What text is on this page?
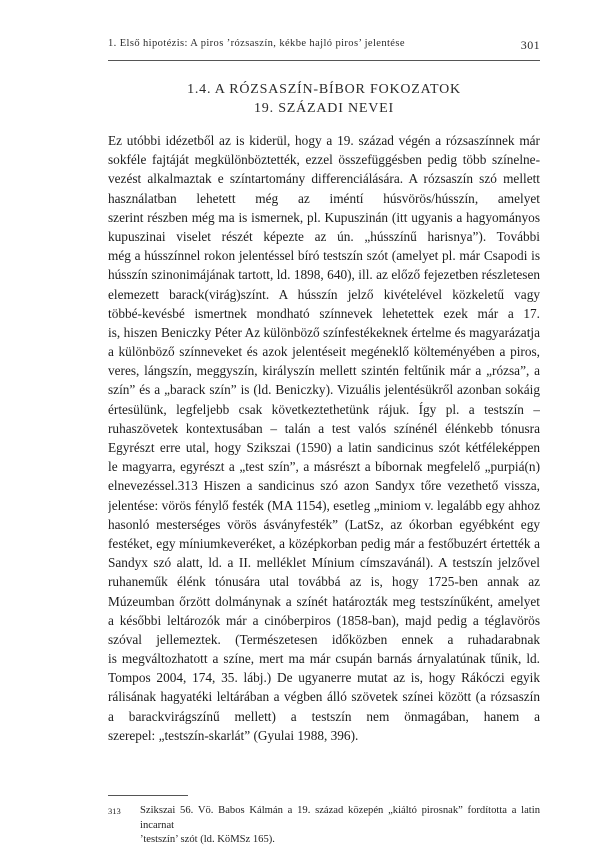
1. Első hipotézis: A piros ’rózsaszín, kékbe hajló piros’ jelentése	301
1.4. A RÓZSASZÍN-BÍBOR FOKOZATOK
19. SZÁZADI NEVEI
Ez utóbbi idézetből az is kiderül, hogy a 19. század végén a rózsaszínnek már
sokféle fajtáját megkülönböztették, ezzel összefüggésben pedig több színelne-
vezést alkalmaztak e színtartomány differenciálására. A rózsaszín szó mellett
használatban lehetett még az iméntí húsvörös/hússzín, amelyet
szerint részben még ma is ismernek, pl. Kupuszinán (itt ugyanis a hagyományos
kupuszinai viselet részét képezte az ún. „hússzínű harisnya”). További
még a hússzínnel rokon jelentéssel bíró testszín szót (amelyet pl. már Csapodi is
hússzín szinonimájának tartott, ld. 1898, 640), ill. az előző fejezetben részletesen
elemezett barack(virág)színt. A hússzín jelző kivételével közkeletű vagy
többé-kevésbé ismertnek mondható színnevek lehetettek ezek már a 17.
is, hiszen Beniczky Péter Az különböző színfestékeknek értelme és magyarázatja
a különböző színneveket és azok jelentéseit megéneklő költeményében a piros,
veres, lángszín, meggyszín, királyszín mellett szintén feltűnik már a „rózsa”, a
szín” és a „barack szín” is (ld. Beniczky). Vizuális jelentésükről azonban sokáig
értesülünk, legfeljebb csak következtethetünk rájuk. Így pl. a testszín –
ruhaszövetek kontextusában – talán a test valós színénél élénkebb tónusra
Egyrészt erre utal, hogy Szikszai (1590) a latin sandicinus szót kétféleképpen
le magyarra, egyrészt a „test szín”, a másrészt a bíbornak megfelelő „purpiá(n)
elnevezéssel.313 Hiszen a sandicinus szó azon Sandyx tőre vezethető vissza,
jelentése: vörös fénylő festék (MA 1154), esetleg „miniom v. legalább egy ahhoz
hasonló mesterséges vörös ásványfesték” (LatSz, az ókorban egyébként egy
festéket, egy míniumkeveréket, a középkorban pedig már a festőbuzért értették a
Sandyx szó alatt, ld. a II. melléklet Mínium címszavánál). A testszín jelzővel
ruhaneműk élénk tónusára utal továbbá az is, hogy 1725-ben annak az
Múzeumban őrzött dolmánynak a színét határozták meg testszínűként, amelyet
a későbbi leltározók már a cinóberpiros (1858-ban), majd pedig a téglavörös
szóval jellemeztek. (Természetesen időközben ennek a ruhadarabnak
is megváltozhatott a színe, mert ma már csupán barnás árnyalatúnak tűnik, ld.
Tompos 2004, 174, 35. lábj.) De ugyanerre mutat az is, hogy Rákóczi egyik
rálisának hagyatéki leltárában a végben álló szövetek színei között (a rózsaszín
a barackvirágszínű mellett) a testszín nem önmagában, hanem a
szerepel: „testszín-skarlát” (Gyulai 1988, 396).
313 Szikszai 56. Vö. Babos Kálmán a 19. század közepén „kiáltó pirosnak” fordította a latin incarnat
’testszín’ szót (ld. KöMSz 165).
